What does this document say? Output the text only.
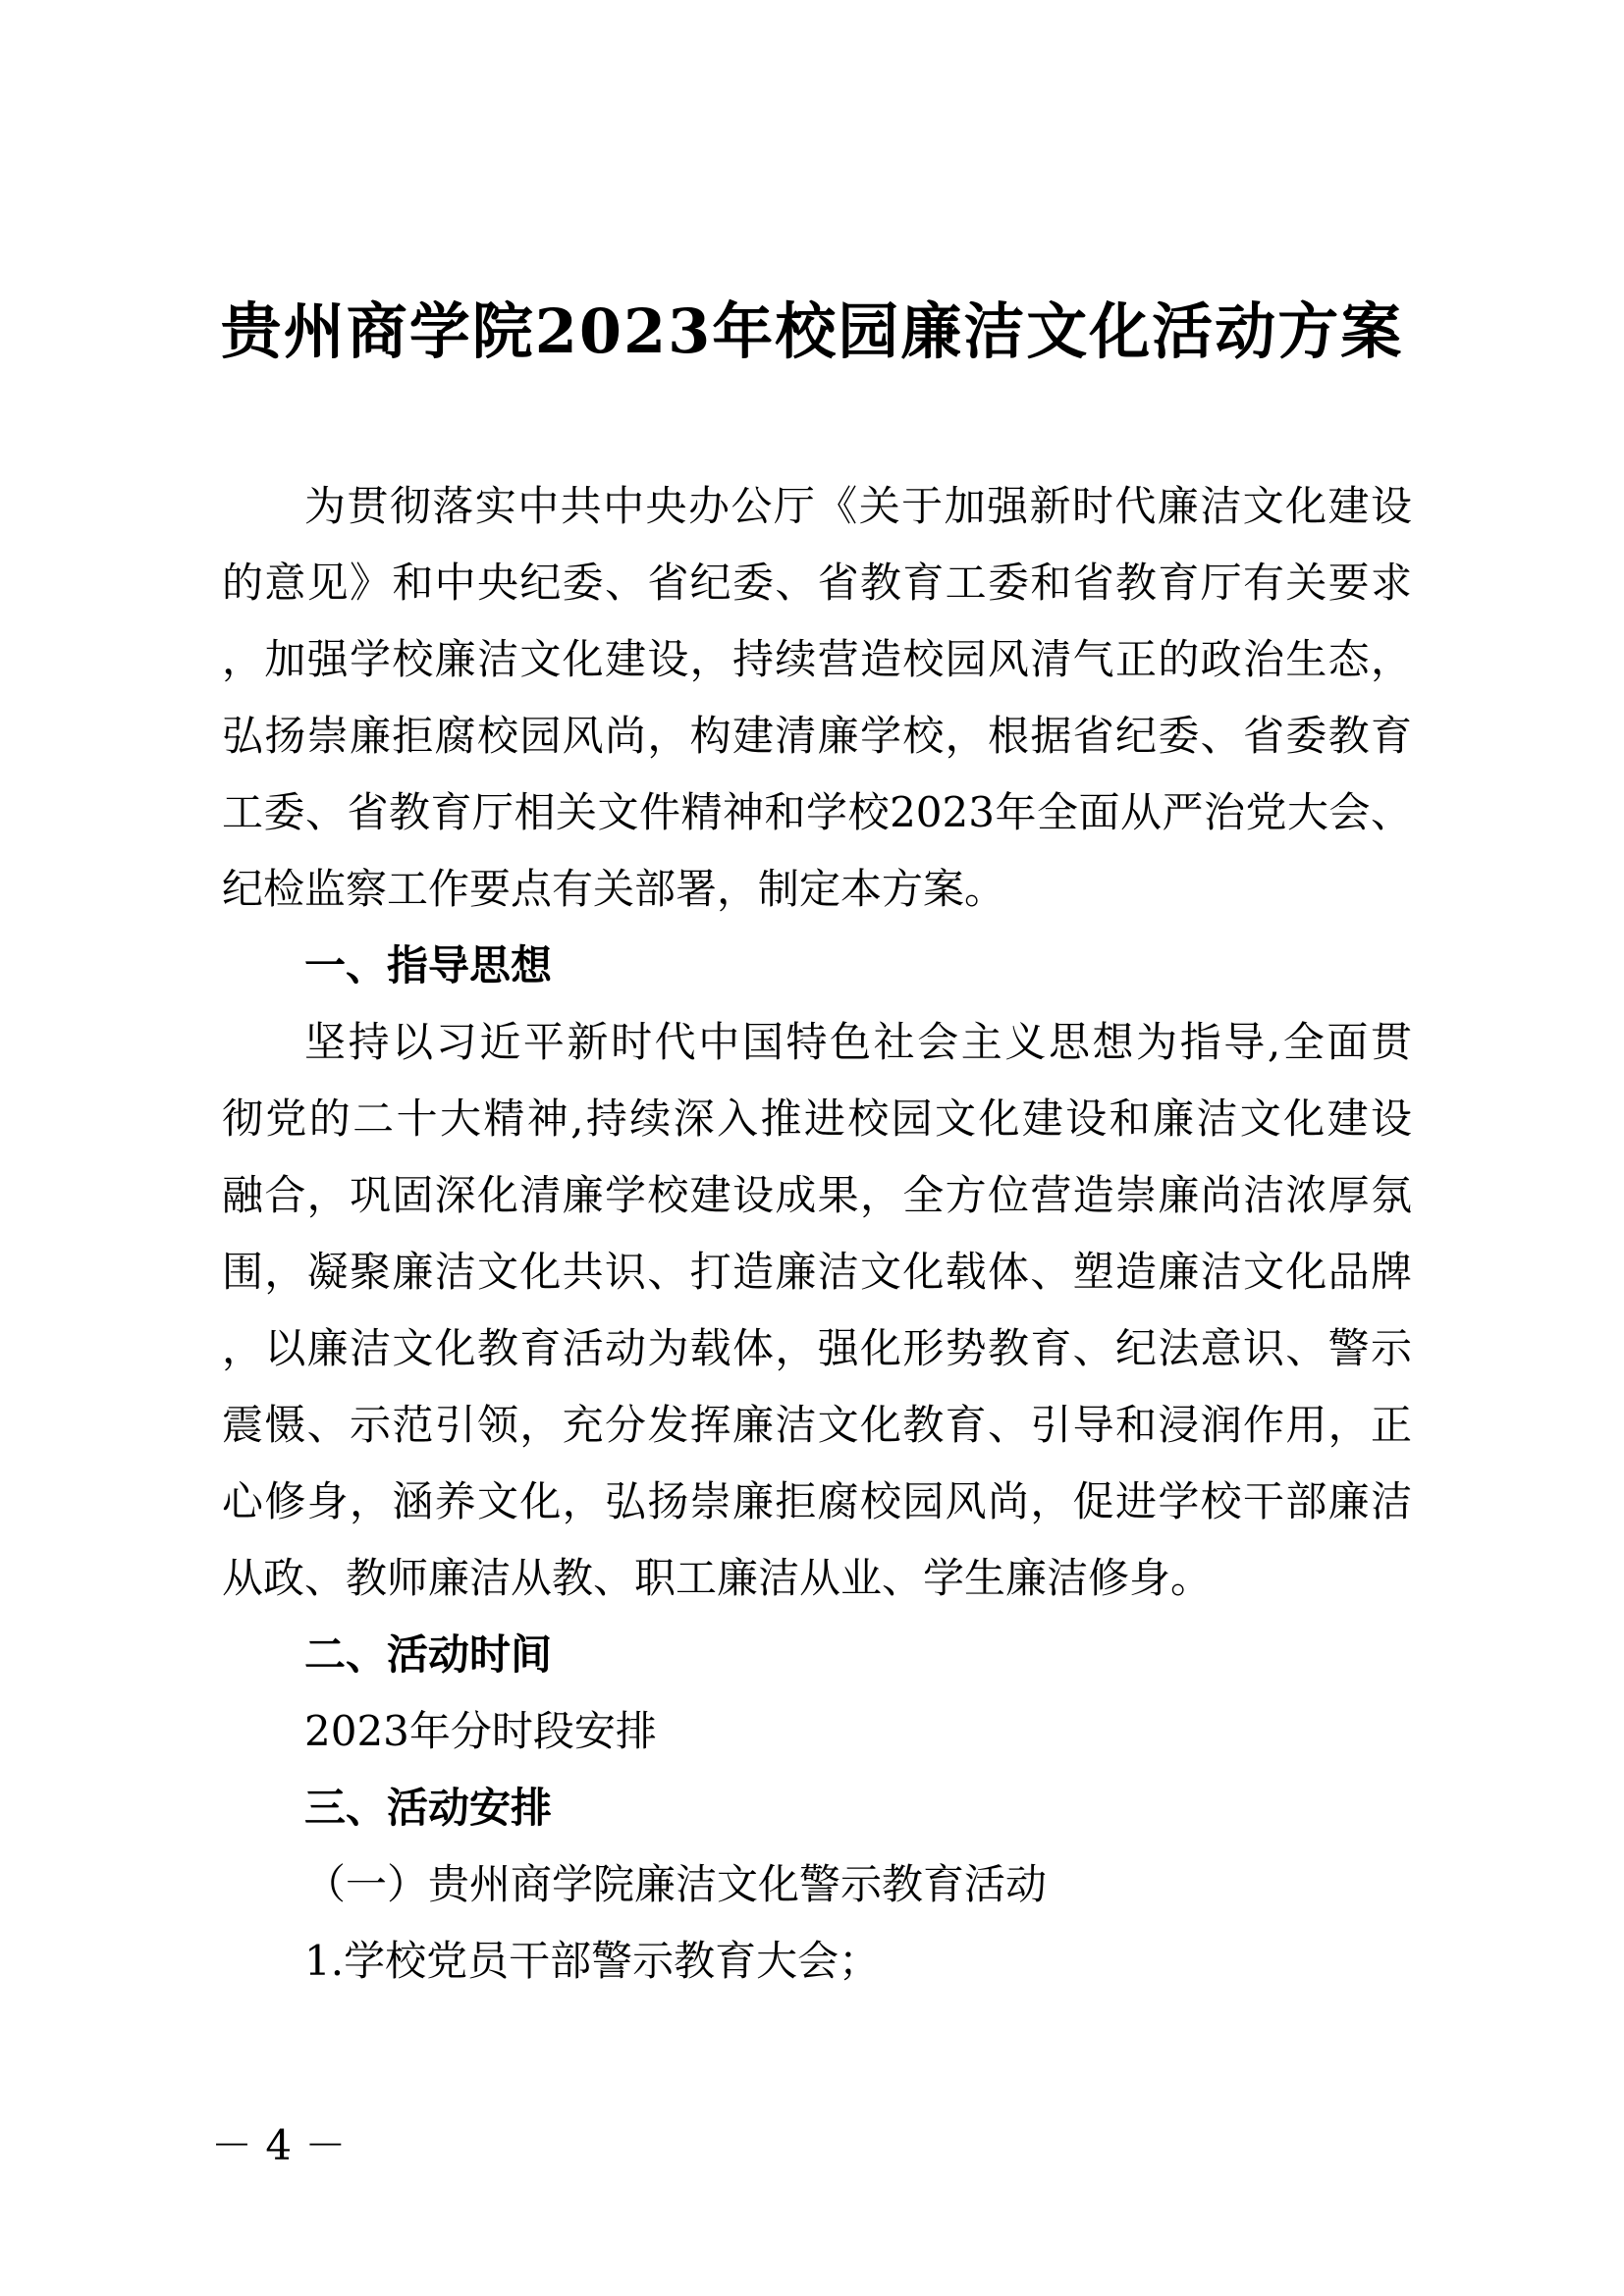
贵州商学院2023年校园廉洁文化活动方案
为贯彻落实中共中央办公厅《关于加强新时代廉洁文化建设
的意见》和中央纪委、省纪委、省教育工委和省教育厅有关要求
，加强学校廉洁文化建设，持续营造校园风清气正的政治生态，
弘扬崇廉拒腐校园风尚，构建清廉学校，根据省纪委、省委教育
工委、省教育厅相关文件精神和学校2023年全面从严治党大会、
纪检监察工作要点有关部署，制定本方案。
一、指导思想
坚持以习近平新时代中国特色社会主义思想为指导,全面贯
彻党的二十大精神,持续深入推进校园文化建设和廉洁文化建设
融合，巩固深化清廉学校建设成果，全方位营造崇廉尚洁浓厚氛
围，凝聚廉洁文化共识、打造廉洁文化载体、塑造廉洁文化品牌
，以廉洁文化教育活动为载体，强化形势教育、纪法意识、警示
震慑、示范引领，充分发挥廉洁文化教育、引导和浸润作用，正
心修身，涵养文化，弘扬崇廉拒腐校园风尚，促进学校干部廉洁
从政、教师廉洁从教、职工廉洁从业、学生廉洁修身。
二、活动时间
2023年分时段安排
三、活动安排
（一）贵州商学院廉洁文化警示教育活动
1.学校党员干部警示教育大会；
－ 4 －
